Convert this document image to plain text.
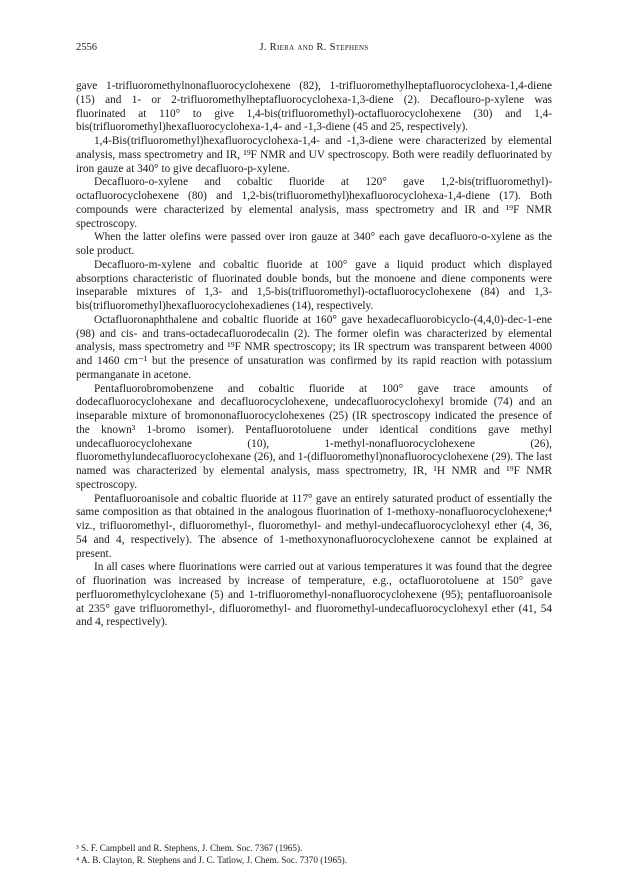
2556	J. Riera and R. Stephens

gave 1-trifluoromethylnonafluorocyclohexene (82), 1-trifluoromethylheptafluorocyclohexa-1,4-diene (15) and 1- or 2-trifluoromethylheptafluorocyclohexa-1,3-diene (2). Decaflouro-p-xylene was fluorinated at 110° to give 1,4-bis(trifluoromethyl)-octafluorocyclohexene (30) and 1,4-bis(trifluoromethyl)hexafluorocyclohexa-1,4- and -1,3-diene (45 and 25, respectively).

1,4-Bis(trifluoromethyl)hexafluorocyclohexa-1,4- and -1,3-diene were characterized by elemental analysis, mass spectrometry and IR, ¹⁹F NMR and UV spectroscopy. Both were readily defluorinated by iron gauze at 340° to give decafluoro-p-xylene.

Decafluoro-o-xylene and cobaltic fluoride at 120° gave 1,2-bis(trifluoromethyl)-octafluorocyclohexene (80) and 1,2-bis(trifluoromethyl)hexafluorocyclohexa-1,4-diene (17). Both compounds were characterized by elemental analysis, mass spectrometry and IR and ¹⁹F NMR spectroscopy.

When the latter olefins were passed over iron gauze at 340° each gave decafluoro-o-xylene as the sole product.

Decafluoro-m-xylene and cobaltic fluoride at 100° gave a liquid product which displayed absorptions characteristic of fluorinated double bonds, but the monoene and diene components were inseparable mixtures of 1,3- and 1,5-bis(trifluoromethyl)-octafluorocyclohexene (84) and 1,3-bis(trifluoromethyl)hexafluorocyclohexadienes (14), respectively.

Octafluoronaphthalene and cobaltic fluoride at 160° gave hexadecafluorobicyclo-(4,4,0)-dec-1-ene (98) and cis- and trans-octadecafluorodecalin (2). The former olefin was characterized by elemental analysis, mass spectrometry and ¹⁹F NMR spectroscopy; its IR spectrum was transparent between 4000 and 1460 cm⁻¹ but the presence of unsaturation was confirmed by its rapid reaction with potassium permanganate in acetone.

Pentafluorobromobenzene and cobaltic fluoride at 100° gave trace amounts of dodecafluorocyclohexane and decafluorocyclohexene, undecafluorocyclohexyl bromide (74) and an inseparable mixture of bromononafluorocyclohexenes (25) (IR spectroscopy indicated the presence of the known³ 1-bromo isomer). Pentafluorotoluene under identical conditions gave methyl undecafluorocyclohexane (10), 1-methyl-nonafluorocyclohexene (26), fluoromethylundecafluorocyclohexane (26), and 1-(difluoromethyl)nonafluorocyclohexene (29). The last named was characterized by elemental analysis, mass spectrometry, IR, ¹H NMR and ¹⁹F NMR spectroscopy.

Pentafluoroanisole and cobaltic fluoride at 117° gave an entirely saturated product of essentially the same composition as that obtained in the analogous fluorination of 1-methoxy-nonafluorocyclohexene;⁴ viz., trifluoromethyl-, difluoromethyl-, fluoromethyl- and methyl-undecafluorocyclohexyl ether (4, 36, 54 and 4, respectively). The absence of 1-methoxynonafluorocyclohexene cannot be explained at present.

In all cases where fluorinations were carried out at various temperatures it was found that the degree of fluorination was increased by increase of temperature, e.g., octafluorotoluene at 150° gave perfluoromethylcyclohexane (5) and 1-trifluoromethyl-nonafluorocyclohexene (95); pentafluoroanisole at 235° gave trifluoromethyl-, difluoromethyl- and fluoromethyl-undecafluorocyclohexyl ether (41, 54 and 4, respectively).

³ S. F. Campbell and R. Stephens, J. Chem. Soc. 7367 (1965).
⁴ A. B. Clayton, R. Stephens and J. C. Tatlow, J. Chem. Soc. 7370 (1965).
